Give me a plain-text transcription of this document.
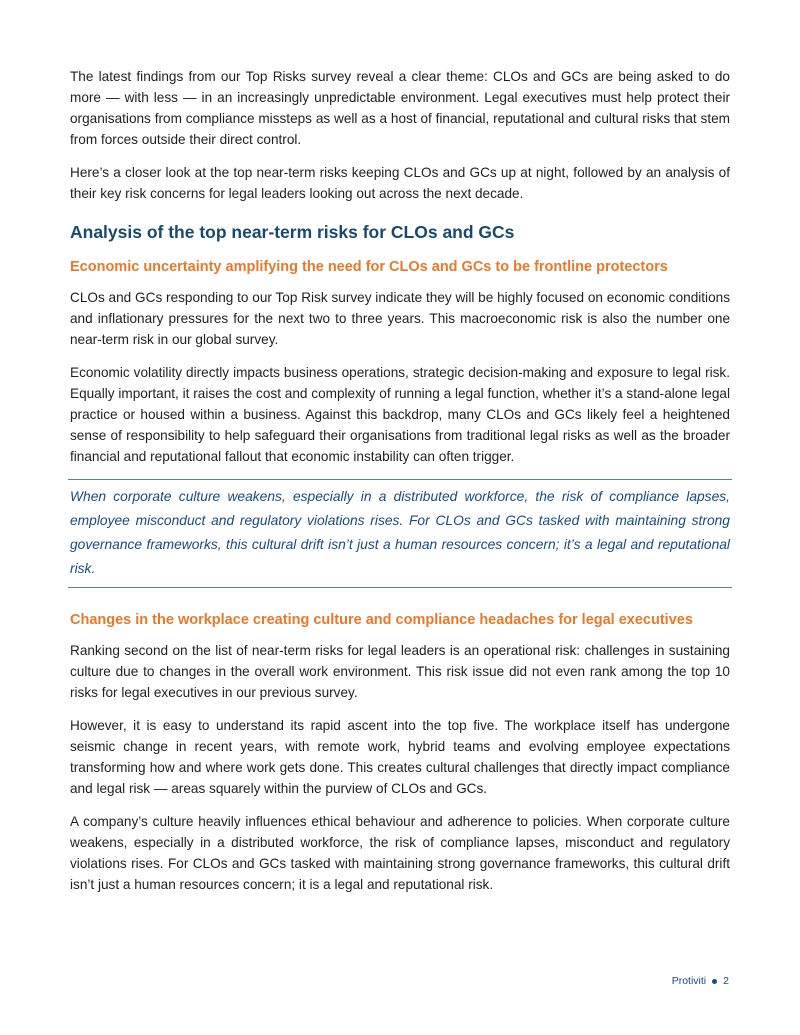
The latest findings from our Top Risks survey reveal a clear theme: CLOs and GCs are being asked to do more — with less — in an increasingly unpredictable environment. Legal executives must help protect their organisations from compliance missteps as well as a host of financial, reputational and cultural risks that stem from forces outside their direct control.

Here’s a closer look at the top near-term risks keeping CLOs and GCs up at night, followed by an analysis of their key risk concerns for legal leaders looking out across the next decade.

Analysis of the top near-term risks for CLOs and GCs
Economic uncertainty amplifying the need for CLOs and GCs to be frontline protectors

CLOs and GCs responding to our Top Risk survey indicate they will be highly focused on economic conditions and inflationary pressures for the next two to three years. This macroeconomic risk is also the number one near-term risk in our global survey.

Economic volatility directly impacts business operations, strategic decision-making and exposure to legal risk. Equally important, it raises the cost and complexity of running a legal function, whether it’s a stand-alone legal practice or housed within a business. Against this backdrop, many CLOs and GCs likely feel a heightened sense of responsibility to help safeguard their organisations from traditional legal risks as well as the broader financial and reputational fallout that economic instability can often trigger.

When corporate culture weakens, especially in a distributed workforce, the risk of compliance lapses, employee misconduct and regulatory violations rises. For CLOs and GCs tasked with maintaining strong governance frameworks, this cultural drift isn’t just a human resources concern; it’s a legal and reputational risk.

Changes in the workplace creating culture and compliance headaches for legal executives

Ranking second on the list of near-term risks for legal leaders is an operational risk: challenges in sustaining culture due to changes in the overall work environment. This risk issue did not even rank among the top 10 risks for legal executives in our previous survey.

However, it is easy to understand its rapid ascent into the top five. The workplace itself has undergone seismic change in recent years, with remote work, hybrid teams and evolving employee expectations transforming how and where work gets done. This creates cultural challenges that directly impact compliance and legal risk — areas squarely within the purview of CLOs and GCs.

A company’s culture heavily influences ethical behaviour and adherence to policies. When corporate culture weakens, especially in a distributed workforce, the risk of compliance lapses, misconduct and regulatory violations rises. For CLOs and GCs tasked with maintaining strong governance frameworks, this cultural drift isn’t just a human resources concern; it is a legal and reputational risk.

Protiviti 2
